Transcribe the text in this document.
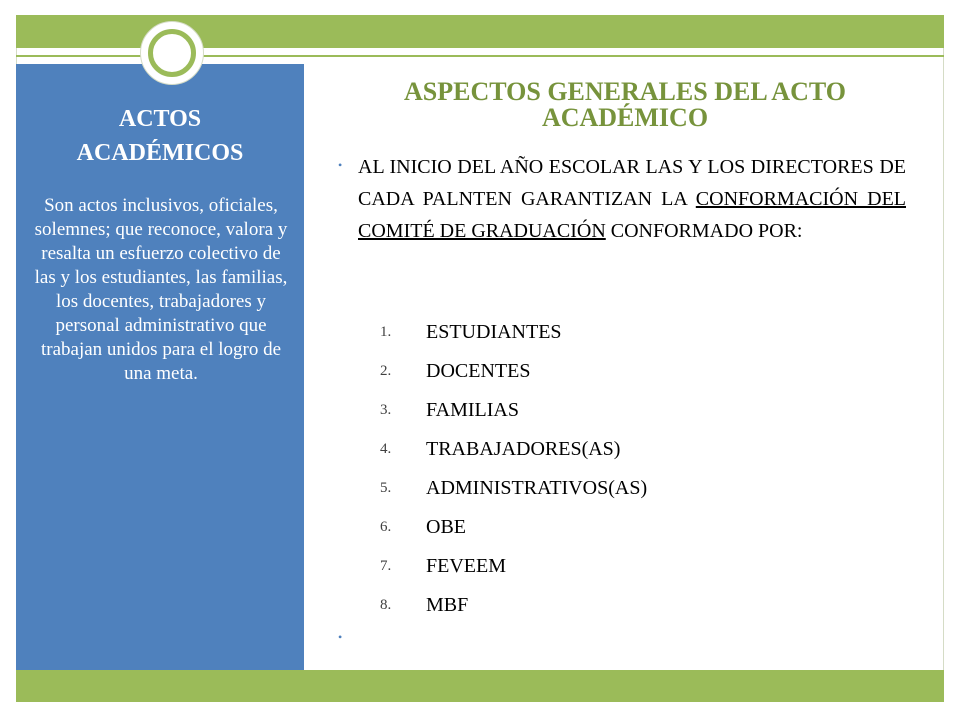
ACTOS
ACADÉMICOS
Son actos inclusivos, oficiales, solemnes; que reconoce, valora y resalta un esfuerzo colectivo de las y los estudiantes, las familias, los docentes, trabajadores y personal administrativo que trabajan unidos para el logro de una meta.
ASPECTOS GENERALES DEL ACTO
ACADÉMICO
• AL INICIO DEL AÑO ESCOLAR LAS Y LOS DIRECTORES DE CADA PALNTEN GARANTIZAN LA CONFORMACIÓN DEL COMITÉ DE GRADUACIÓN CONFORMADO POR:
1.	ESTUDIANTES
2.	DOCENTES
3.	FAMILIAS
4.	TRABAJADORES(AS)
5.	ADMINISTRATIVOS(AS)
6.	OBE
7.	FEVEEM
8.	MBF
•
